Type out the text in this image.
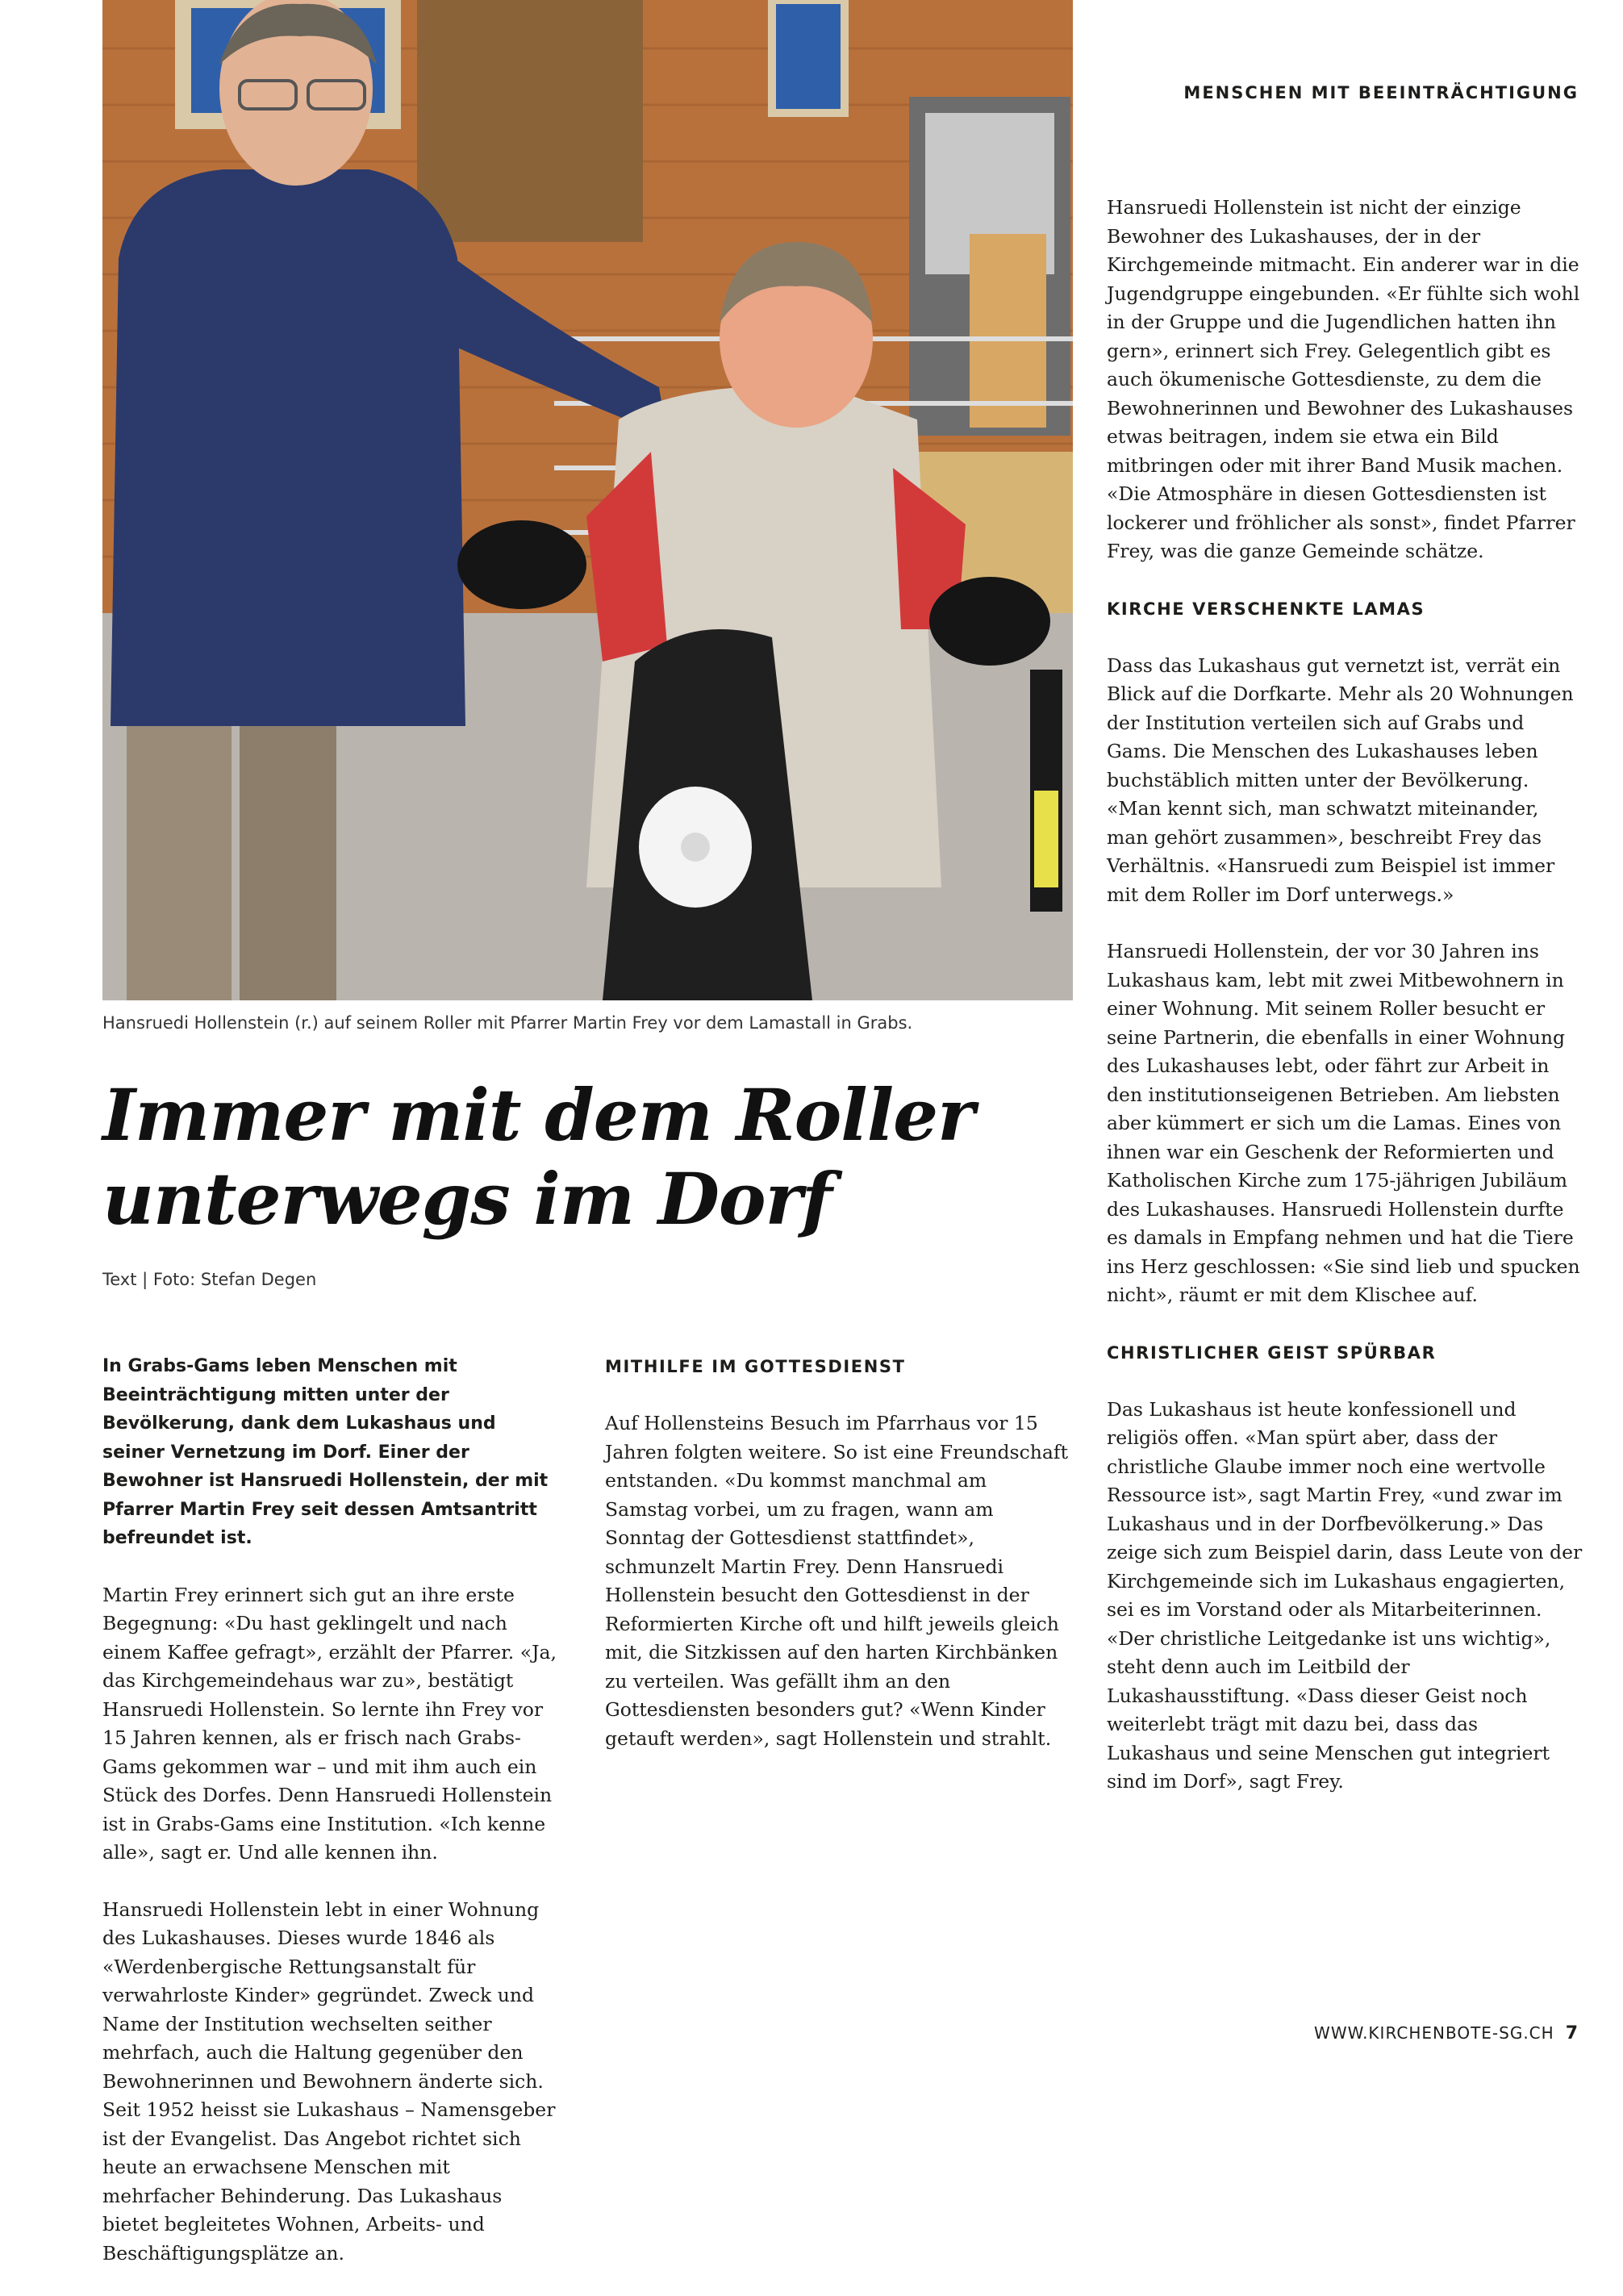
MENSCHEN MIT BEEINTRÄCHTIGUNG
Hansruedi Hollenstein (r.) auf seinem Roller mit Pfarrer Martin Frey vor dem Lamastall in Grabs.
Immer mit dem Roller
unterwegs im Dorf
Text | Foto: Stefan Degen

In Grabs-Gams leben Menschen mit Beeinträchtigung mitten unter der Bevölkerung, dank dem Lukashaus und seiner Vernetzung im Dorf. Einer der Bewohner ist Hansruedi Hollenstein, der mit Pfarrer Martin Frey seit dessen Amtsantritt befreundet ist.

Martin Frey erinnert sich gut an ihre erste Begegnung: «Du hast geklingelt und nach einem Kaffee gefragt», erzählt der Pfarrer. «Ja, das Kirchgemeindehaus war zu», bestätigt Hansruedi Hollenstein. So lernte ihn Frey vor 15 Jahren kennen, als er frisch nach Grabs-Gams gekommen war – und mit ihm auch ein Stück des Dorfes. Denn Hansruedi Hollenstein ist in Grabs-Gams eine Institution. «Ich kenne alle», sagt er. Und alle kennen ihn.

Hansruedi Hollenstein lebt in einer Wohnung des Lukashauses. Dieses wurde 1846 als «Werdenbergische Rettungsanstalt für verwahrloste Kinder» gegründet. Zweck und Name der Institution wechselten seither mehrfach, auch die Haltung gegenüber den Bewohnerinnen und Bewohnern änderte sich. Seit 1952 heisst sie Lukashaus – Namensgeber ist der Evangelist. Das Angebot richtet sich heute an erwachsene Menschen mit mehrfacher Behinderung. Das Lukashaus bietet begleitetes Wohnen, Arbeits- und Beschäftigungsplätze an.

MITHILFE IM GOTTESDIENST

Auf Hollensteins Besuch im Pfarrhaus vor 15 Jahren folgten weitere. So ist eine Freundschaft entstanden. «Du kommst manchmal am Samstag vorbei, um zu fragen, wann am Sonntag der Gottesdienst stattfindet», schmunzelt Martin Frey. Denn Hansruedi Hollenstein besucht den Gottesdienst in der Reformierten Kirche oft und hilft jeweils gleich mit, die Sitzkissen auf den harten Kirchbänken zu verteilen. Was gefällt ihm an den Gottesdiensten besonders gut? «Wenn Kinder getauft werden», sagt Hollenstein und strahlt.

Hansruedi Hollenstein ist nicht der einzige Bewohner des Lukashauses, der in der Kirchgemeinde mitmacht. Ein anderer war in die Jugendgruppe eingebunden. «Er fühlte sich wohl in der Gruppe und die Jugendlichen hatten ihn gern», erinnert sich Frey. Gelegentlich gibt es auch ökumenische Gottesdienste, zu dem die Bewohnerinnen und Bewohner des Lukashauses etwas beitragen, indem sie etwa ein Bild mitbringen oder mit ihrer Band Musik machen. «Die Atmosphäre in diesen Gottesdiensten ist lockerer und fröhlicher als sonst», findet Pfarrer Frey, was die ganze Gemeinde schätze.

KIRCHE VERSCHENKTE LAMAS

Dass das Lukashaus gut vernetzt ist, verrät ein Blick auf die Dorfkarte. Mehr als 20 Wohnungen der Institution verteilen sich auf Grabs und Gams. Die Menschen des Lukashauses leben buchstäblich mitten unter der Bevölkerung. «Man kennt sich, man schwatzt miteinander, man gehört zusammen», beschreibt Frey das Verhältnis. «Hansruedi zum Beispiel ist immer mit dem Roller im Dorf unterwegs.»

Hansruedi Hollenstein, der vor 30 Jahren ins Lukashaus kam, lebt mit zwei Mitbewohnern in einer Wohnung. Mit seinem Roller besucht er seine Partnerin, die ebenfalls in einer Wohnung des Lukashauses lebt, oder fährt zur Arbeit in den institutionseigenen Betrieben. Am liebsten aber kümmert er sich um die Lamas. Eines von ihnen war ein Geschenk der Reformierten und Katholischen Kirche zum 175-jährigen Jubiläum des Lukashauses. Hansruedi Hollenstein durfte es damals in Empfang nehmen und hat die Tiere ins Herz geschlossen: «Sie sind lieb und spucken nicht», räumt er mit dem Klischee auf.

CHRISTLICHER GEIST SPÜRBAR

Das Lukashaus ist heute konfessionell und religiös offen. «Man spürt aber, dass der christliche Glaube immer noch eine wertvolle Ressource ist», sagt Martin Frey, «und zwar im Lukashaus und in der Dorfbevölkerung.» Das zeige sich zum Beispiel darin, dass Leute von der Kirchgemeinde sich im Lukashaus engagierten, sei es im Vorstand oder als Mitarbeiterinnen. «Der christliche Leitgedanke ist uns wichtig», steht denn auch im Leitbild der Lukashausstiftung. «Dass dieser Geist noch weiterlebt trägt mit dazu bei, dass das Lukashaus und seine Menschen gut integriert sind im Dorf», sagt Frey.

WWW.KIRCHENBOTE-SG.CH 7
